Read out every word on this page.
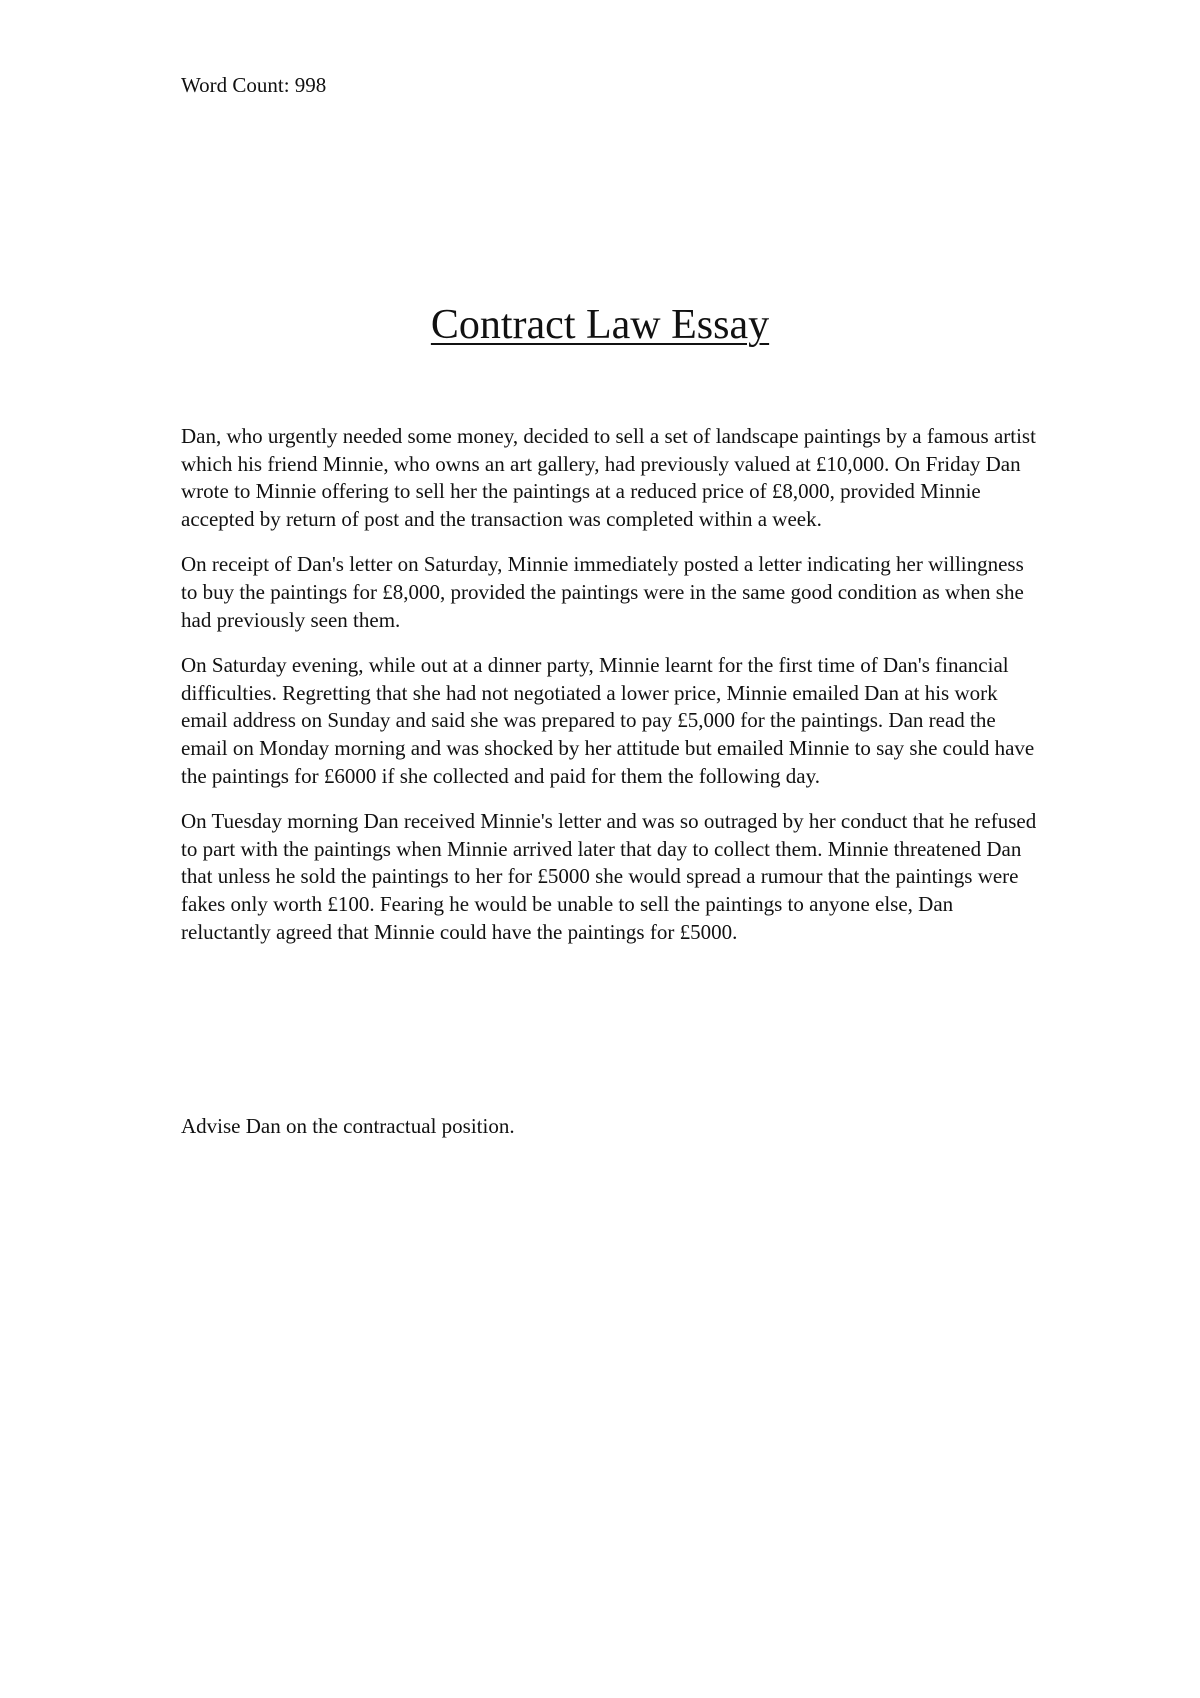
Word Count: 998
Contract Law Essay

Dan, who urgently needed some money, decided to sell a set of landscape paintings by a famous artist which his friend Minnie, who owns an art gallery, had previously valued at £10,000. On Friday Dan wrote to Minnie offering to sell her the paintings at a reduced price of £8,000, provided Minnie accepted by return of post and the transaction was completed within a week.

On receipt of Dan's letter on Saturday, Minnie immediately posted a letter indicating her willingness to buy the paintings for £8,000, provided the paintings were in the same good condition as when she had previously seen them.

On Saturday evening, while out at a dinner party, Minnie learnt for the first time of Dan's financial difficulties. Regretting that she had not negotiated a lower price, Minnie emailed Dan at his work email address on Sunday and said she was prepared to pay £5,000 for the paintings. Dan read the email on Monday morning and was shocked by her attitude but emailed Minnie to say she could have the paintings for £6000 if she collected and paid for them the following day.

On Tuesday morning Dan received Minnie's letter and was so outraged by her conduct that he refused to part with the paintings when Minnie arrived later that day to collect them. Minnie threatened Dan that unless he sold the paintings to her for £5000 she would spread a rumour that the paintings were fakes only worth £100. Fearing he would be unable to sell the paintings to anyone else, Dan reluctantly agreed that Minnie could have the paintings for £5000.

Advise Dan on the contractual position.
